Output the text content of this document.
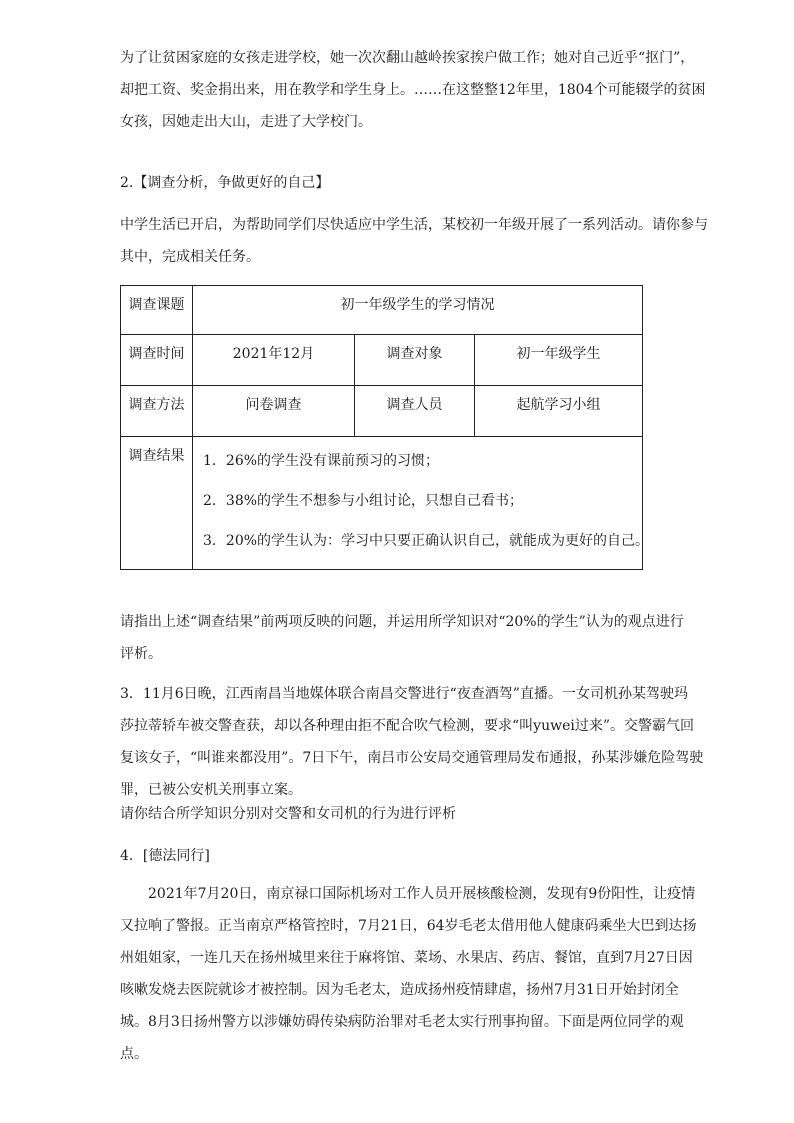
为了让贫困家庭的女孩走进学校，她一次次翻山越岭挨家挨户做工作；她对自己近乎“抠门”，
却把工资、奖金捐出来，用在教学和学生身上。……在这整整12年里，1804个可能辍学的贫困
女孩，因她走出大山，走进了大学校门。
2.【调查分析，争做更好的自己】
中学生活已开启，为帮助同学们尽快适应中学生活，某校初一年级开展了一系列活动。请你参与
其中，完成相关任务。
调查课题	初一年级学生的学习情况		

调查时间	2021年12月	调查对象	初一年级学生

调查方法	问卷调查	调查人员	起航学习小组

调查结果	1．26%的学生没有课前预习的习惯；
2．38%的学生不想参与小组讨论，只想自己看书；
3．20%的学生认为：学习中只要正确认识自己，就能成为更好的自己。		
请指出上述“调查结果”前两项反映的问题，并运用所学知识对“20%的学生”认为的观点进行
评析。
3．11月6日晚，江西南昌当地媒体联合南昌交警进行“夜查酒驾”直播。一女司机孙某驾驶玛
莎拉蒂轿车被交警查获，却以各种理由拒不配合吹气检测，要求“叫yuwei过来”。交警霸气回
复该女子，“叫谁来都没用”。7日下午，南吕市公安局交通管理局发布通报，孙某涉嫌危险驾驶
罪，已被公安机关刑事立案。
请你结合所学知识分别对交警和女司机的行为进行评析
4．[德法同行]
2021年7月20日，南京禄口国际机场对工作人员开展核酸检测，发现有9份阳性，让疫情
又拉响了警报。正当南京严格管控时，7月21日，64岁毛老太借用他人健康码乘坐大巴到达扬
州姐姐家，一连几天在扬州城里来往于麻将馆、菜场、水果店、药店、餐馆，直到7月27日因
咳嗽发烧去医院就诊才被控制。因为毛老太，造成扬州疫情肆虐，扬州7月31日开始封闭全
城。8月3日扬州警方以涉嫌妨碍传染病防治罪对毛老太实行刑事拘留。下面是两位同学的观
点。
